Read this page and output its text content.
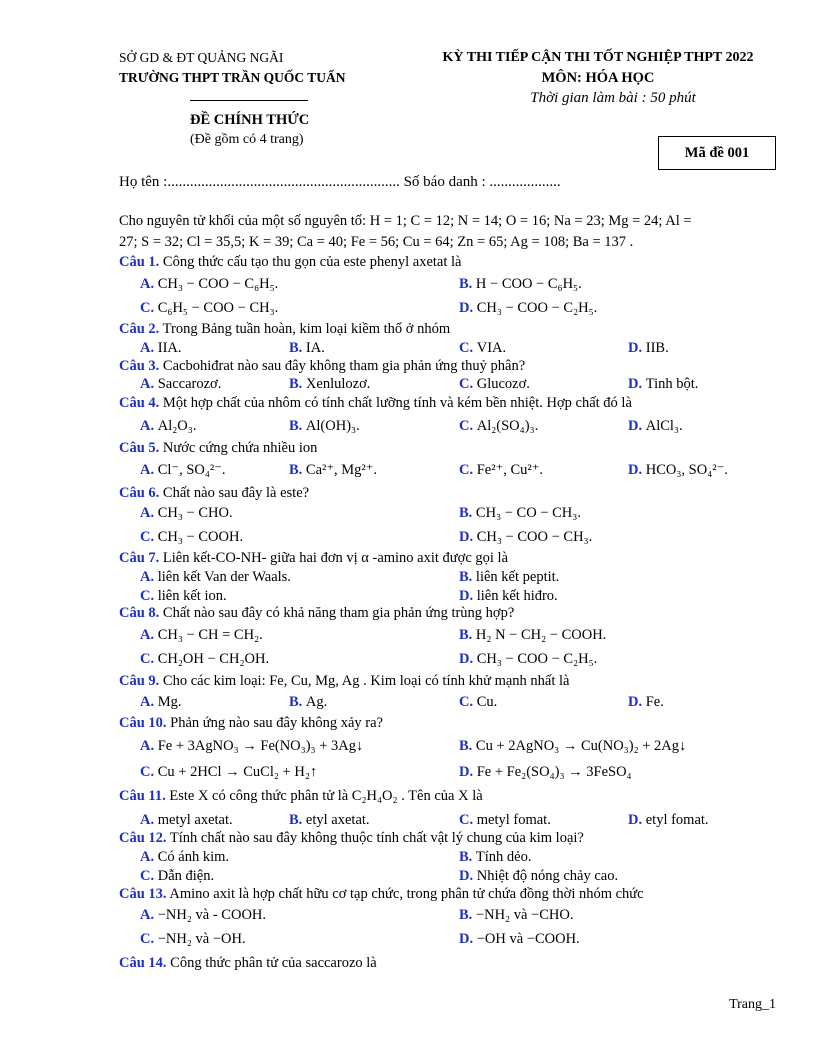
SỞ GD & ĐT QUẢNG NGÃI
TRƯỜNG THPT TRẦN QUỐC TUẤN
KỲ THI TIẾP CẬN THI TỐT NGHIỆP THPT 2022
MÔN: HÓA HỌC
Thời gian làm bài : 50 phút
ĐỀ CHÍNH THỨC
(Đề gồm có 4 trang)
Mã đề 001
Họ tên :.............................................................. Số báo danh : ...................
Cho nguyên tử khối của một số nguyên tố: H = 1; C = 12; N = 14; O = 16; Na = 23; Mg = 24; Al =
27; S = 32; Cl = 35,5; K = 39; Ca = 40; Fe = 56; Cu = 64; Zn = 65; Ag = 108; Ba = 137 .
Câu 1. Công thức cấu tạo thu gọn của este phenyl axetat là
A. CH₃ − COO − C₆H₅.	B. H − COO − C₆H₅.
C. C₆H₅ − COO − CH₃.	D. CH₃ − COO − C₂H₅.
Câu 2. Trong Bảng tuần hoàn, kim loại kiềm thổ ở nhóm
A. IIA.	B. IA.	C. VIA.	D. IIB.
Câu 3. Cacbohiđrat nào sau đây không tham gia phản ứng thuỷ phân?
A. Saccarozơ.	B. Xenlulozơ.	C. Glucozơ.	D. Tinh bột.
Câu 4. Một hợp chất của nhôm có tính chất lưỡng tính và kém bền nhiệt. Hợp chất đó là
A. Al₂O₃.	B. Al(OH)₃.	C. Al₂(SO₄)₃.	D. AlCl₃.
Câu 5. Nước cứng chứa nhiều ion
A. Cl⁻, SO₄²⁻.	B. Ca²⁺, Mg²⁺.	C. Fe²⁺, Cu²⁺.	D. HCO₃, SO₄²⁻.
Câu 6. Chất nào sau đây là este?
A. CH₃ − CHO.	B. CH₃ − CO − CH₃.
C. CH₃ − COOH.	D. CH₃ − COO − CH₃.
Câu 7. Liên kết-CO-NH- giữa hai đơn vị α -amino axit được gọi là
A. liên kết Van der Waals.	B. liên kết peptit.
C. liên kết ion.	D. liên kết hiđro.
Câu 8. Chất nào sau đây có khả năng tham gia phản ứng trùng hợp?
A. CH₃ − CH = CH₂.	B. H₂ N − CH₂ − COOH.
C. CH₂OH − CH₂OH.	D. CH₃ − COO − C₂H₅.
Câu 9. Cho các kim loại: Fe, Cu, Mg, Ag . Kim loại có tính khử mạnh nhất là
A. Mg.	B. Ag.	C. Cu.	D. Fe.
Câu 10. Phản ứng nào sau đây không xảy ra?
A. Fe + 3AgNO₃ → Fe(NO₃)₃ + 3Ag↓	B. Cu + 2AgNO₃ → Cu(NO₃)₂ + 2Ag↓
C. Cu + 2HCl → CuCl₂ + H₂↑	D. Fe + Fe₂(SO₄)₃ → 3FeSO₄
Câu 11. Este X có công thức phân tử là C₂H₄O₂ . Tên của X là
A. metyl axetat.	B. etyl axetat.	C. metyl fomat.	D. etyl fomat.
Câu 12. Tính chất nào sau đây không thuộc tính chất vật lý chung của kim loại?
A. Có ánh kim.	B. Tính dẻo.
C. Dẫn điện.	D. Nhiệt độ nóng chảy cao.
Câu 13. Amino axit là hợp chất hữu cơ tạp chức, trong phân tử chứa đồng thời nhóm chức
A. −NH₂ và - COOH.	B. −NH₂ và −CHO.
C. −NH₂ và −OH.	D. −OH và −COOH.
Câu 14. Công thức phân tử của saccarozo là
Trang_1
